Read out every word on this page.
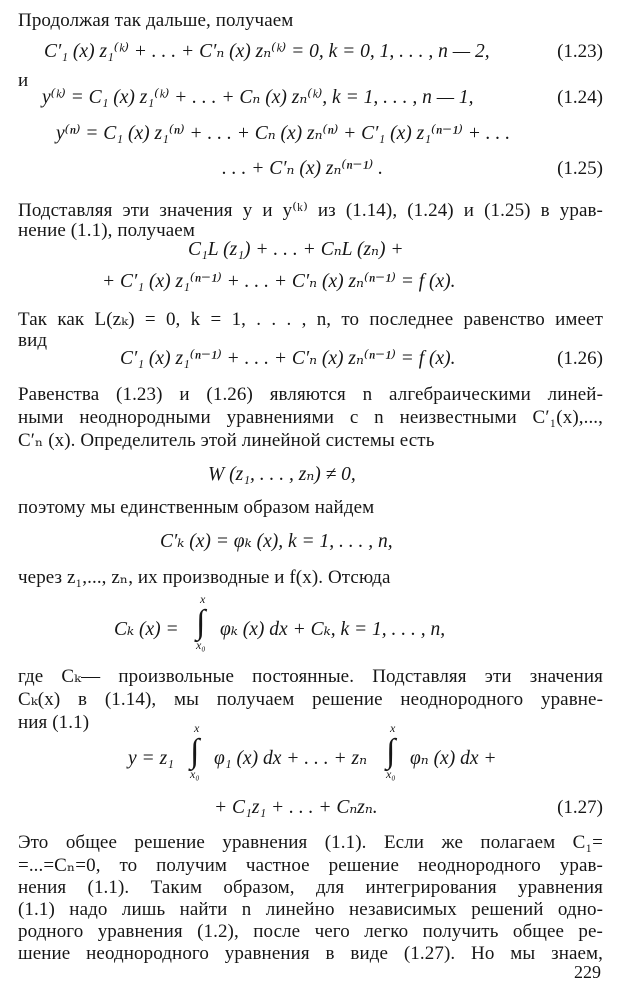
Продолжая так дальше, получаем
C′₁ (x) z₁⁽ᵏ⁾ + . . . + C′ₙ (x) zₙ⁽ᵏ⁾ = 0, k = 0, 1, . . . , n — 2,	(1.23)
и
y⁽ᵏ⁾ = C₁ (x) z₁⁽ᵏ⁾ + . . . + Cₙ (x) zₙ⁽ᵏ⁾, k = 1, . . . , n — 1,	(1.24)
y⁽ⁿ⁾ = C₁ (x) z₁⁽ⁿ⁾ + . . . + Cₙ (x) zₙ⁽ⁿ⁾ + C′₁ (x) z₁⁽ⁿ⁻¹⁾ + . . .
. . . + C′ₙ (x) zₙ⁽ⁿ⁻¹⁾ .	(1.25)
Подставляя эти значения y и y⁽ᵏ⁾ из (1.14), (1.24) и (1.25) в урав-
нение (1.1), получаем
C₁L (z₁) + . . . + CₙL (zₙ) +
+ C′₁ (x) z₁⁽ⁿ⁻¹⁾ + . . . + C′ₙ (x) zₙ⁽ⁿ⁻¹⁾ = f (x).
Так как L(zₖ) = 0, k = 1, . . . , n, то последнее равенство имеет
вид
C′₁ (x) z₁⁽ⁿ⁻¹⁾ + . . . + C′ₙ (x) zₙ⁽ⁿ⁻¹⁾ = f (x).	(1.26)
Равенства (1.23) и (1.26) являются n алгебраическими линей-
ными неоднородными уравнениями с n неизвестными C′₁(x),...,
C′ₙ (x). Определитель этой линейной системы есть
W (z₁, . . . , zₙ) ≠ 0,
поэтому мы единственным образом найдем
C′ₖ (x) = φₖ (x), k = 1, . . . , n,
через z₁,..., zₙ, их производные и f(x). Отсюда
Cₖ (x) =
x
∫
x₀
φₖ (x) dx + Cₖ, k = 1, . . . , n,
где Cₖ— произвольные постоянные. Подставляя эти значения
Cₖ(x) в (1.14), мы получаем решение неоднородного уравне-
ния (1.1)
y = z₁
x
∫
x₀
φ₁ (x) dx + . . . + zₙ
x
∫
x₀
φₙ (x) dx +
+ C₁z₁ + . . . + Cₙzₙ.	(1.27)
Это общее решение уравнения (1.1). Если же полагаем C₁=
=...=Cₙ=0, то получим частное решение неоднородного урав-
нения (1.1). Таким образом, для интегрирования уравнения
(1.1) надо лишь найти n линейно независимых решений одно-
родного уравнения (1.2), после чего легко получить общее ре-
шение неоднородного уравнения в виде (1.27). Но мы знаем,
229
